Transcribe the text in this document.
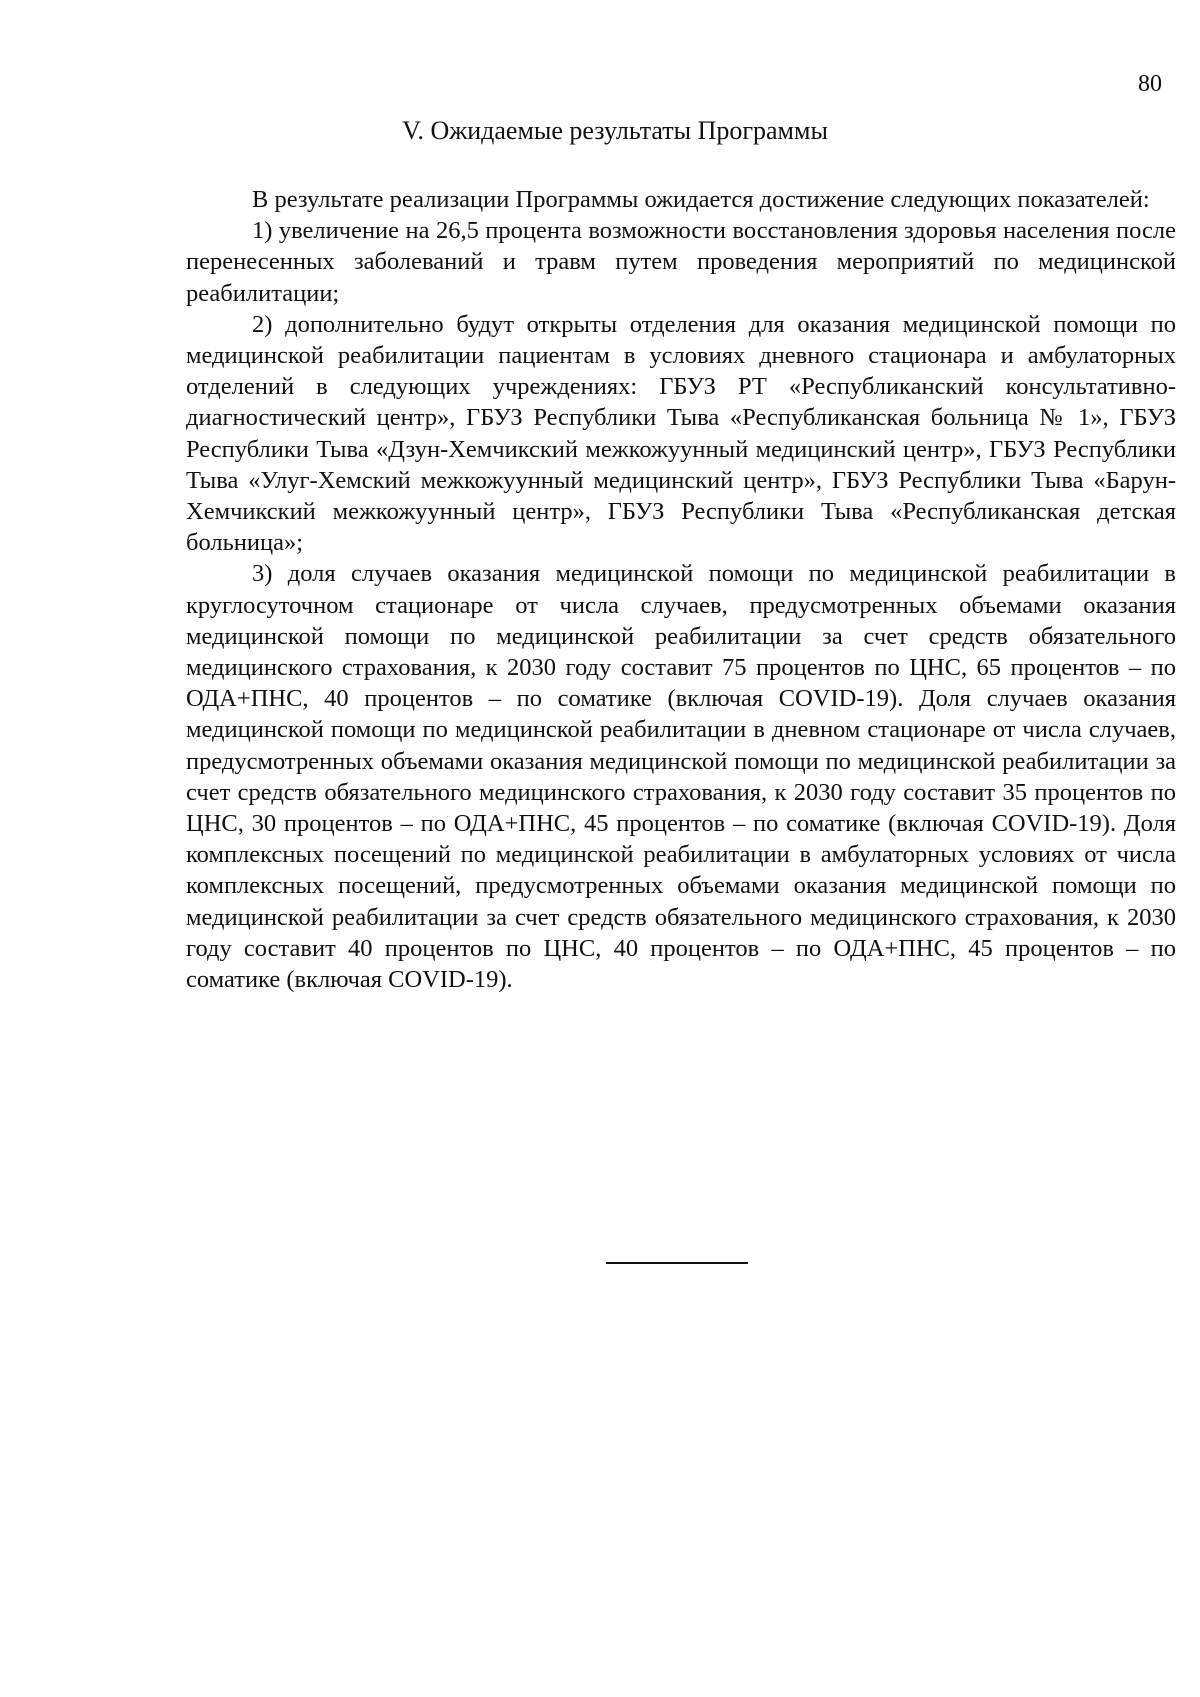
80
V. Ожидаемые результаты Программы

В результате реализации Программы ожидается достижение следующих показателей:

1) увеличение на 26,5 процента возможности восстановления здоровья населения после перенесенных заболеваний и травм путем проведения мероприятий по медицинской реабилитации;

2) дополнительно будут открыты отделения для оказания медицинской помощи по медицинской реабилитации пациентам в условиях дневного стационара и амбулаторных отделений в следующих учреждениях: ГБУЗ РТ «Республиканский консультативно-диагностический центр», ГБУЗ Республики Тыва «Республиканская больница № 1», ГБУЗ Республики Тыва «Дзун-Хемчикский межкожуунный медицинский центр», ГБУЗ Республики Тыва «Улуг-Хемский межкожуунный медицинский центр», ГБУЗ Республики Тыва «Барун-Хемчикский межкожуунный центр», ГБУЗ Республики Тыва «Республиканская детская больница»;

3) доля случаев оказания медицинской помощи по медицинской реабилитации в круглосуточном стационаре от числа случаев, предусмотренных объемами оказания медицинской помощи по медицинской реабилитации за счет средств обязательного медицинского страхования, к 2030 году составит 75 процентов по ЦНС, 65 процентов – по ОДА+ПНС, 40 процентов – по соматике (включая COVID-19). Доля случаев оказания медицинской помощи по медицинской реабилитации в дневном стационаре от числа случаев, предусмотренных объемами оказания медицинской помощи по медицинской реабилитации за счет средств обязательного медицинского страхования, к 2030 году составит 35 процентов по ЦНС, 30 процентов – по ОДА+ПНС, 45 процентов – по соматике (включая COVID-19). Доля комплексных посещений по медицинской реабилитации в амбулаторных условиях от числа комплексных посещений, предусмотренных объемами оказания медицинской помощи по медицинской реабилитации за счет средств обязательного медицинского страхования, к 2030 году составит 40 процентов по ЦНС, 40 процентов – по ОДА+ПНС, 45 процентов – по соматике (включая COVID-19).
